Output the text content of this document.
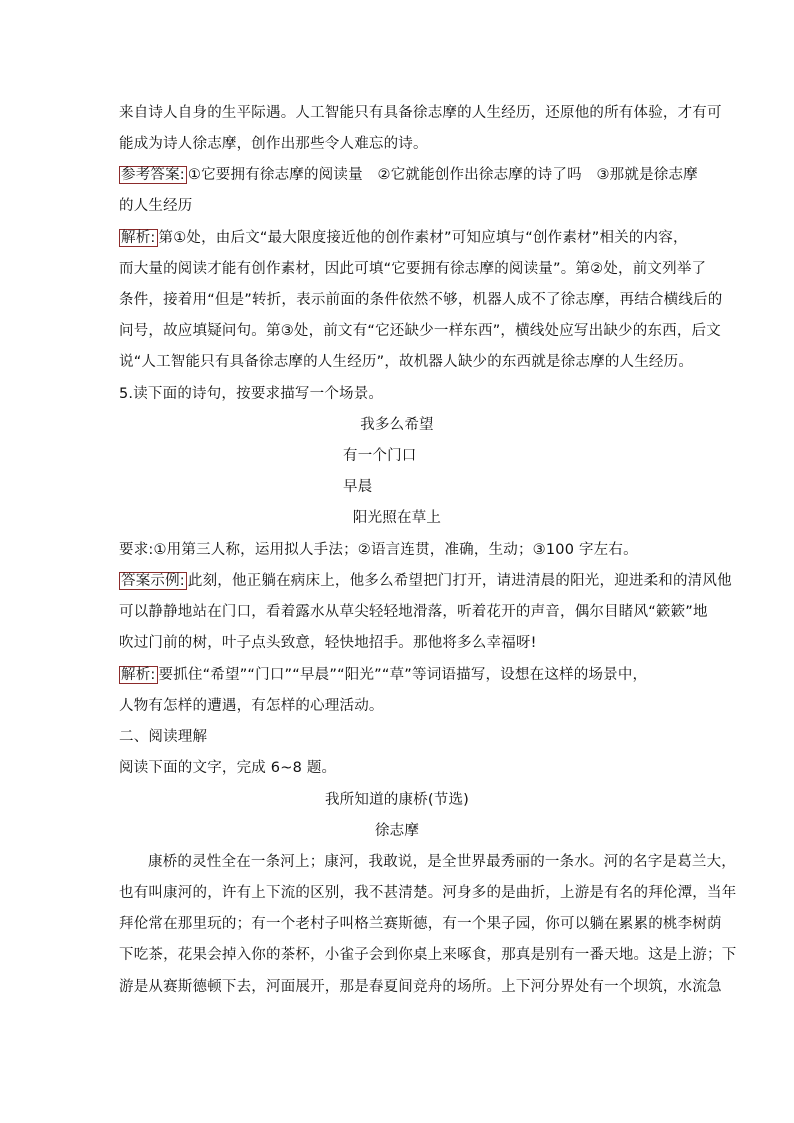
来自诗人自身的生平际遇。人工智能只有具备徐志摩的人生经历，还原他的所有体验，才有可
能成为诗人徐志摩，创作出那些令人难忘的诗。
参考答案: ①它要拥有徐志摩的阅读量　②它就能创作出徐志摩的诗了吗　③那就是徐志摩
的人生经历
解析: 第①处，由后文“最大限度接近他的创作素材”可知应填与“创作素材”相关的内容，
而大量的阅读才能有创作素材，因此可填“它要拥有徐志摩的阅读量”。第②处，前文列举了
条件，接着用“但是”转折，表示前面的条件依然不够，机器人成不了徐志摩，再结合横线后的
问号，故应填疑问句。第③处，前文有“它还缺少一样东西”，横线处应写出缺少的东西，后文
说“人工智能只有具备徐志摩的人生经历”，故机器人缺少的东西就是徐志摩的人生经历。
5.读下面的诗句，按要求描写一个场景。
我多么希望
有一个门口
早晨
阳光照在草上
要求:①用第三人称，运用拟人手法；②语言连贯，准确，生动；③100 字左右。
答案示例: 此刻，他正躺在病床上，他多么希望把门打开，请进清晨的阳光，迎进柔和的清风他
可以静静地站在门口，看着露水从草尖轻轻地滑落，听着花开的声音，偶尔目睹风“簌簌”地
吹过门前的树，叶子点头致意，轻快地招手。那他将多么幸福呀!
解析: 要抓住“希望”“门口”“早晨”“阳光”“草”等词语描写，设想在这样的场景中，
人物有怎样的遭遇，有怎样的心理活动。
二、阅读理解
阅读下面的文字，完成 6~8 题。
我所知道的康桥(节选)
徐志摩
康桥的灵性全在一条河上；康河，我敢说，是全世界最秀丽的一条水。河的名字是葛兰大，
也有叫康河的，许有上下流的区别，我不甚清楚。河身多的是曲折，上游是有名的拜伦潭，当年
拜伦常在那里玩的；有一个老村子叫格兰赛斯德，有一个果子园，你可以躺在累累的桃李树荫
下吃茶，花果会掉入你的茶杯，小雀子会到你桌上来啄食，那真是别有一番天地。这是上游；下
游是从赛斯德顿下去，河面展开，那是春夏间竞舟的场所。上下河分界处有一个坝筑，水流急
